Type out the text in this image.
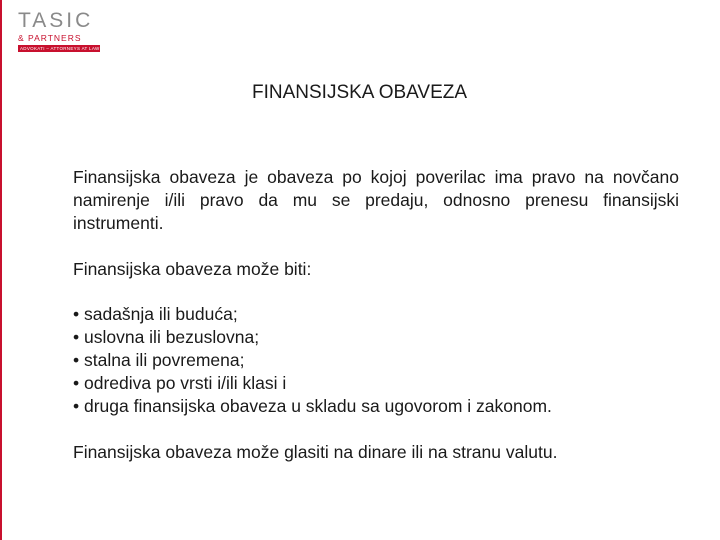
TASIC
& PARTNERS
ADVOKATI – ATTORNEYS AT LAW
FINANSIJSKA OBAVEZA

Finansijska obaveza je obaveza po kojoj poverilac ima pravo na novčano namirenje i/ili pravo da mu se predaju, odnosno prenesu finansijski instrumenti.

Finansijska obaveza može biti:

• sadašnja ili buduća;
• uslovna ili bezuslovna;
• stalna ili povremena;
• odrediva po vrsti i/ili klasi i
• druga finansijska obaveza u skladu sa ugovorom i zakonom.

Finansijska obaveza može glasiti na dinare ili na stranu valutu.
